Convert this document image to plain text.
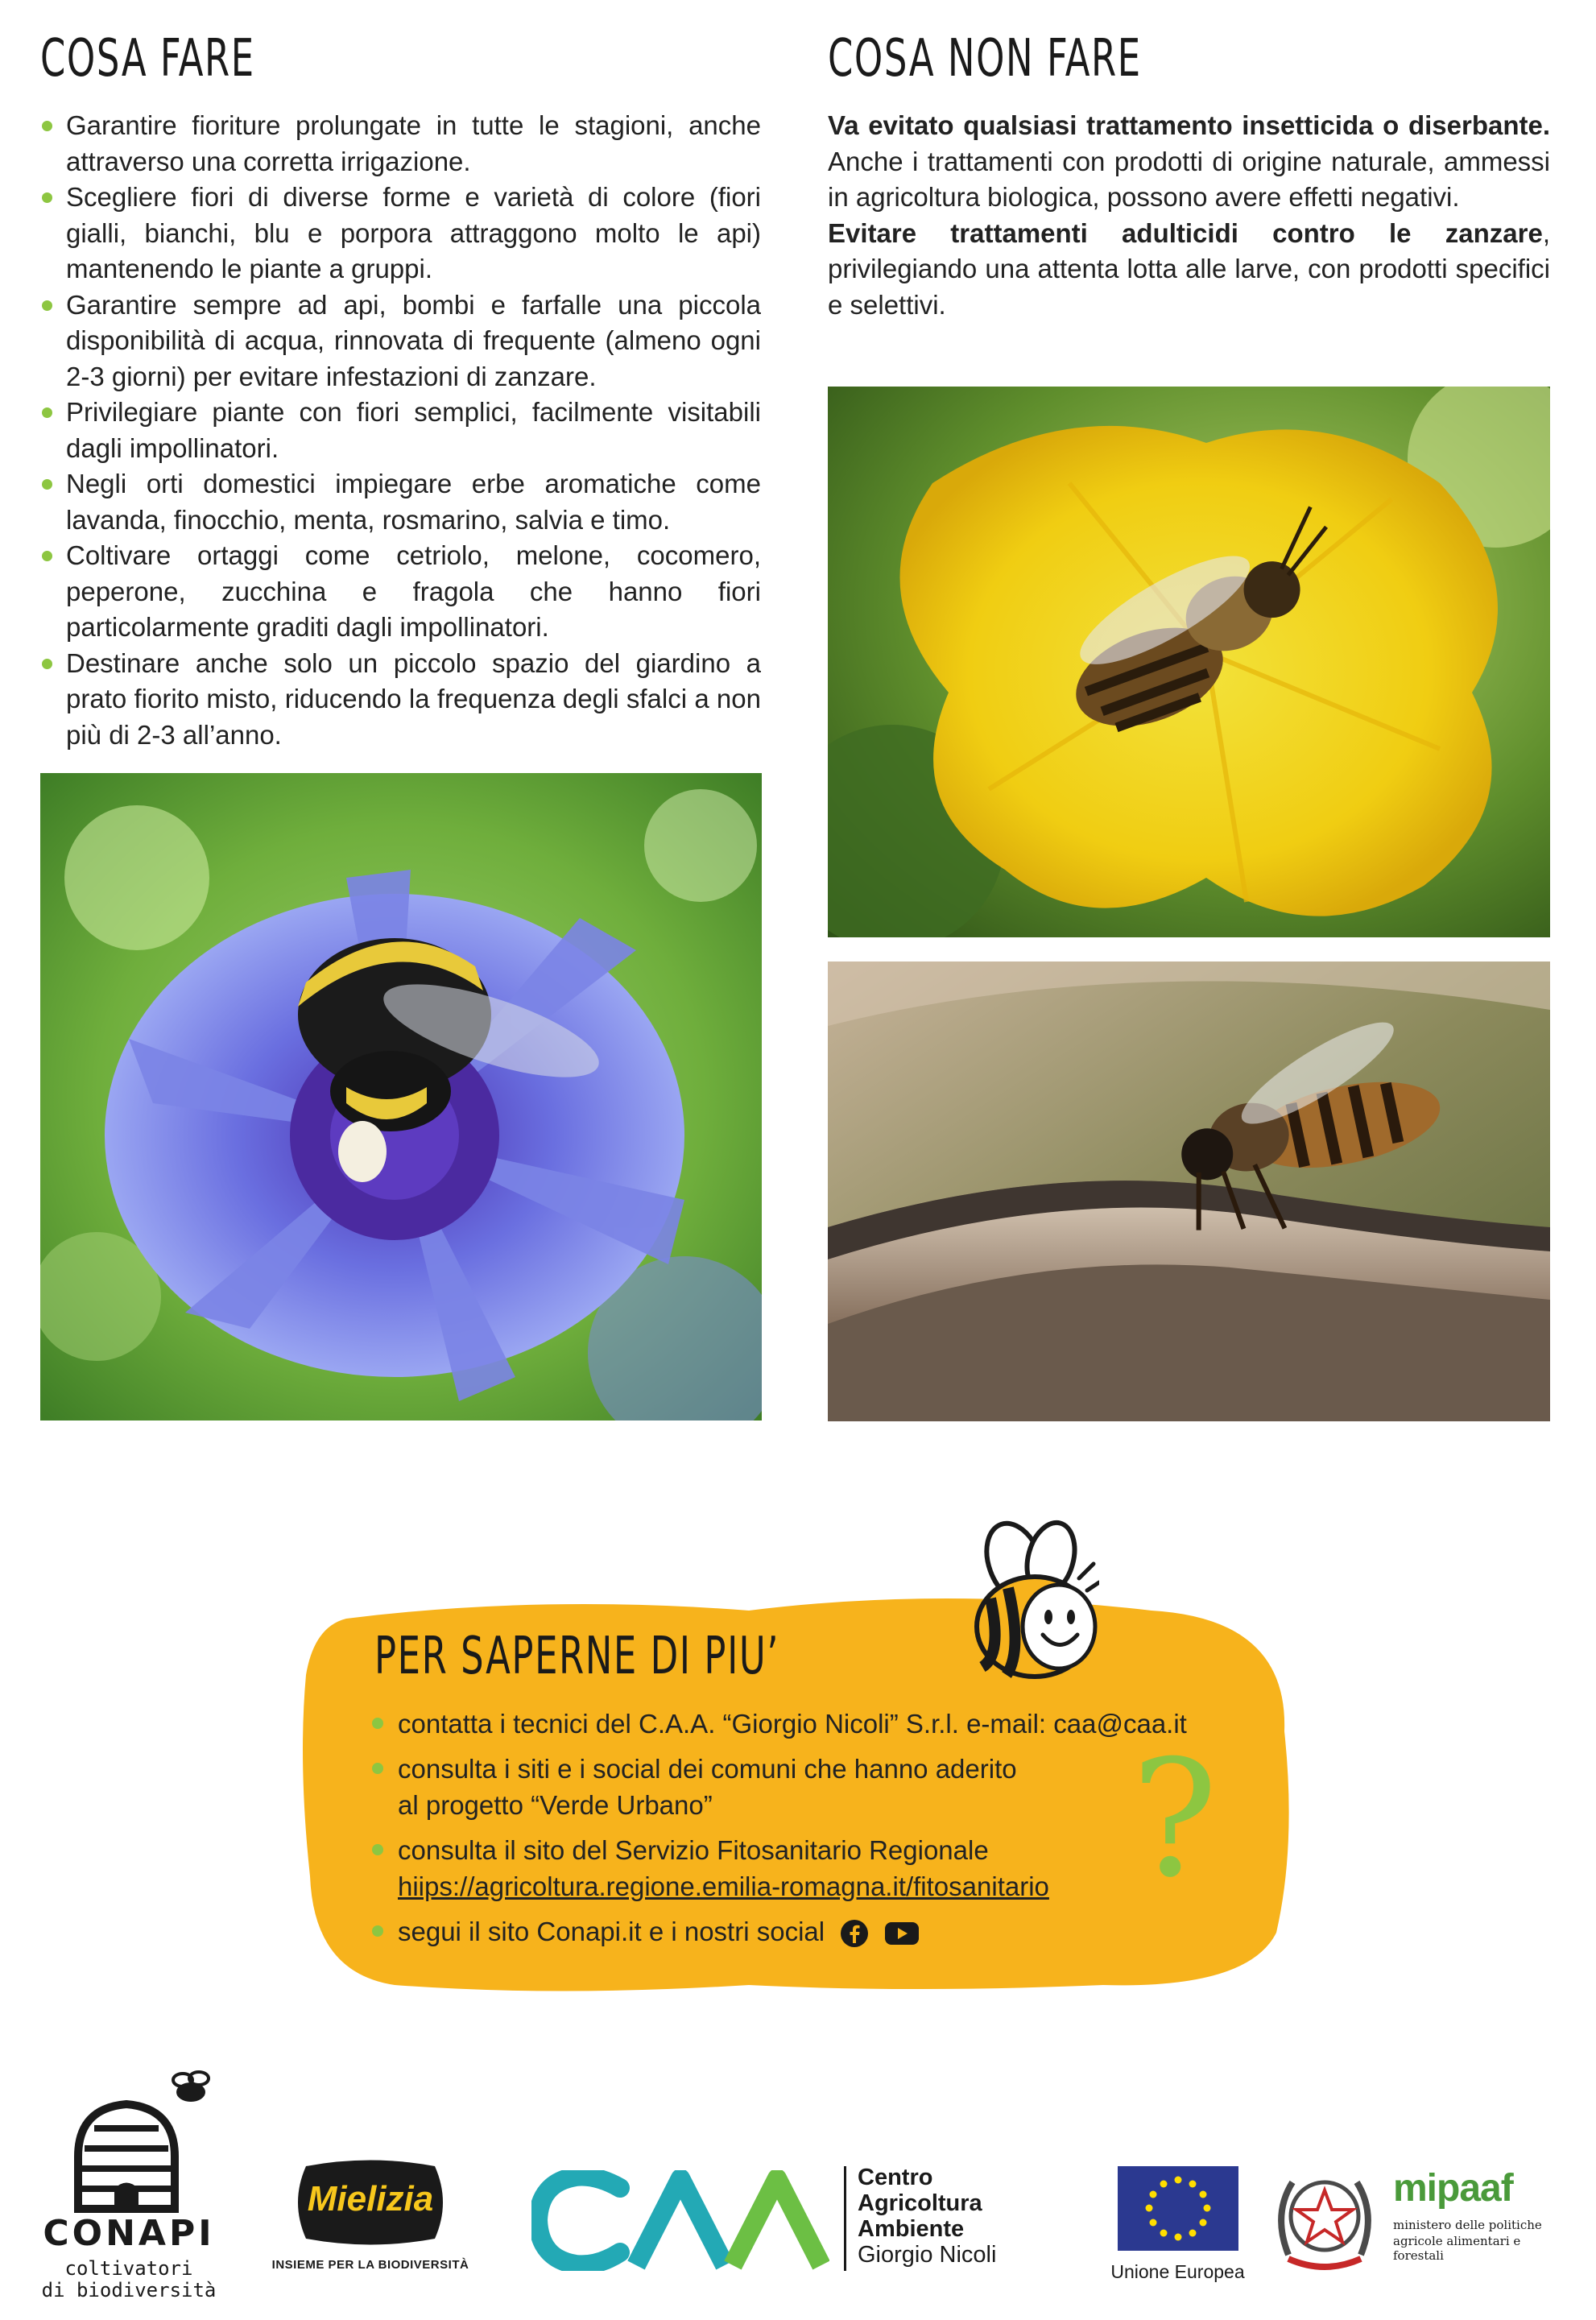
COSA FARE
Garantire fioriture prolungate in tutte le stagioni, anche attraverso una corretta irrigazione.
Scegliere fiori di diverse forme e varietà di colore (fiori gialli, bianchi, blu e porpora attraggono molto le api) mantenendo le piante a gruppi.
Garantire sempre ad api, bombi e farfalle una piccola disponibilità di acqua, rinnovata di frequente (almeno ogni 2-3 giorni) per evitare infestazioni di zanzare.
Privilegiare piante con fiori semplici, facilmente visitabili dagli impollinatori.
Negli orti domestici impiegare erbe aromatiche come lavanda, finocchio, menta, rosmarino, salvia e timo.
Coltivare ortaggi come cetriolo, melone, cocomero, peperone, zucchina e fragola che hanno fiori particolarmente graditi dagli impollinatori.
Destinare anche solo un piccolo spazio del giardino a prato fiorito misto, riducendo la frequenza degli sfalci a non più di 2-3 all’anno.
COSA NON FARE

Va evitato qualsiasi trattamento insetticida o diserbante. Anche i trattamenti con prodotti di origine naturale, ammessi in agricoltura biologica, possono avere effetti negativi.

Evitare trattamenti adulticidi contro le zanzare, privilegiando una attenta lotta alle larve, con prodotti specifici e selettivi.

PER SAPERNE DI PIU’
contatta i tecnici del C.A.A. “Giorgio Nicoli” S.r.l. e-mail: caa@caa.it
consulta i siti e i social dei comuni che hanno aderito
al progetto “Verde Urbano”
consulta il sito del Servizio Fitosanitario Regionale
hiips://agricoltura.regione.emilia-romagna.it/fitosanitario
segui il sito Conapi.it e i nostri social
?
CONAPI
coltivatori
di biodiversità
Mielizia
INSIEME PER LA BIODIVERSITÀ
Centro
Agricoltura
Ambiente
Giorgio Nicoli
Unione Europea
mipaaf
ministero delle politiche
agricole alimentari e forestali
